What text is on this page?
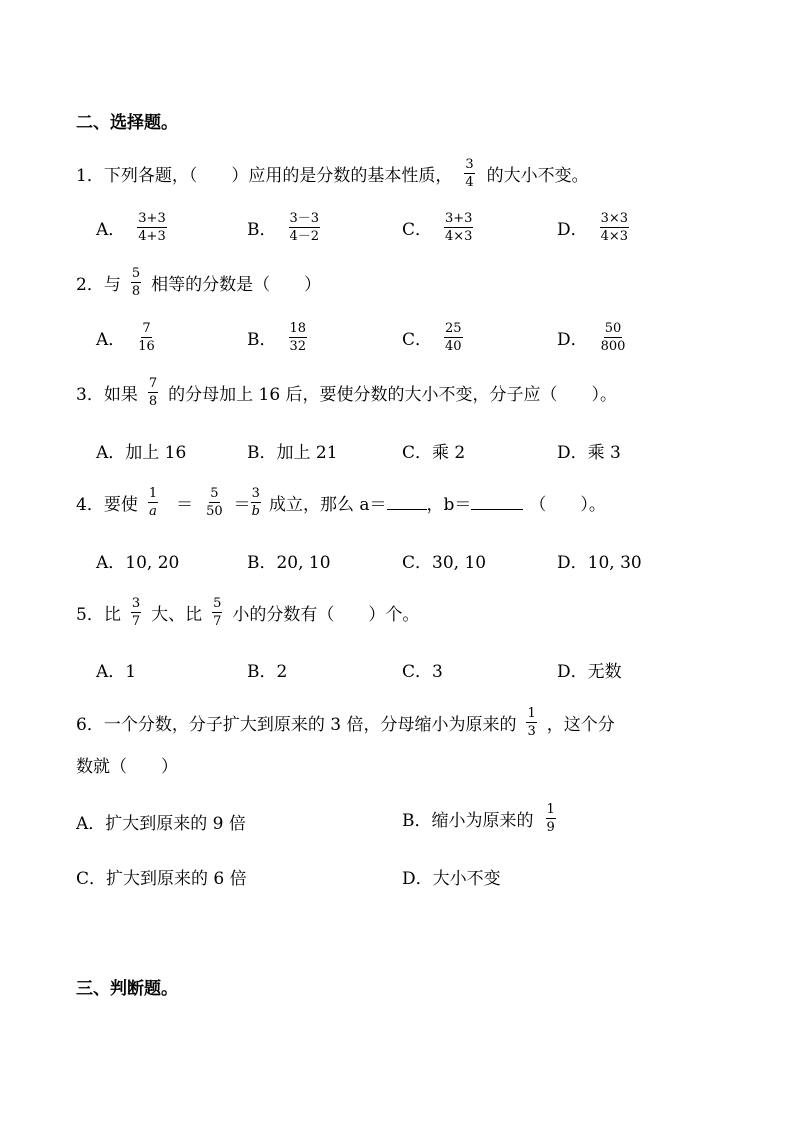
二、选择题。
1．下列各题，（　　）应用的是分数的基本性质， $\frac{3}{4}$ 的大小不变。
A． $\frac{3+3}{4+3}$	B． $\frac{3-3}{4-2}$	C． $\frac{3+3}{4\times 3}$	D． $\frac{3\times 3}{4\times 3}$
2．与 $\frac{5}{8}$ 相等的分数是（　　）
A． $\frac{7}{16}$	B． $\frac{18}{32}$	C． $\frac{25}{40}$	D． $\frac{50}{800}$
3．如果 $\frac{7}{8}$ 的分母加上 16 后，要使分数的大小不变，分子应（　　）。
A．加上 16	B．加上 21	C．乘 2	D．乘 3
4．要使 $\frac{1}{a} = \frac{5}{50} = \frac{3}{b}$ 成立，那么 a＝ ，b＝	（　　）。
A．10, 20	B．20, 10	C．30, 10	D．10, 30
5．比 $\frac{3}{7}$ 大、比 $\frac{5}{7}$ 小的分数有（　　）个。
A．1	B．2	C．3	D．无数
6．一个分数，分子扩大到原来的 3 倍，分母缩小为原来的 $\frac{1}{3}$ ，这个分
数就（　　）
A．扩大到原来的 9 倍	B．缩小为原来的 $\frac{1}{9}$
C．扩大到原来的 6 倍	D．大小不变
三、判断题。
